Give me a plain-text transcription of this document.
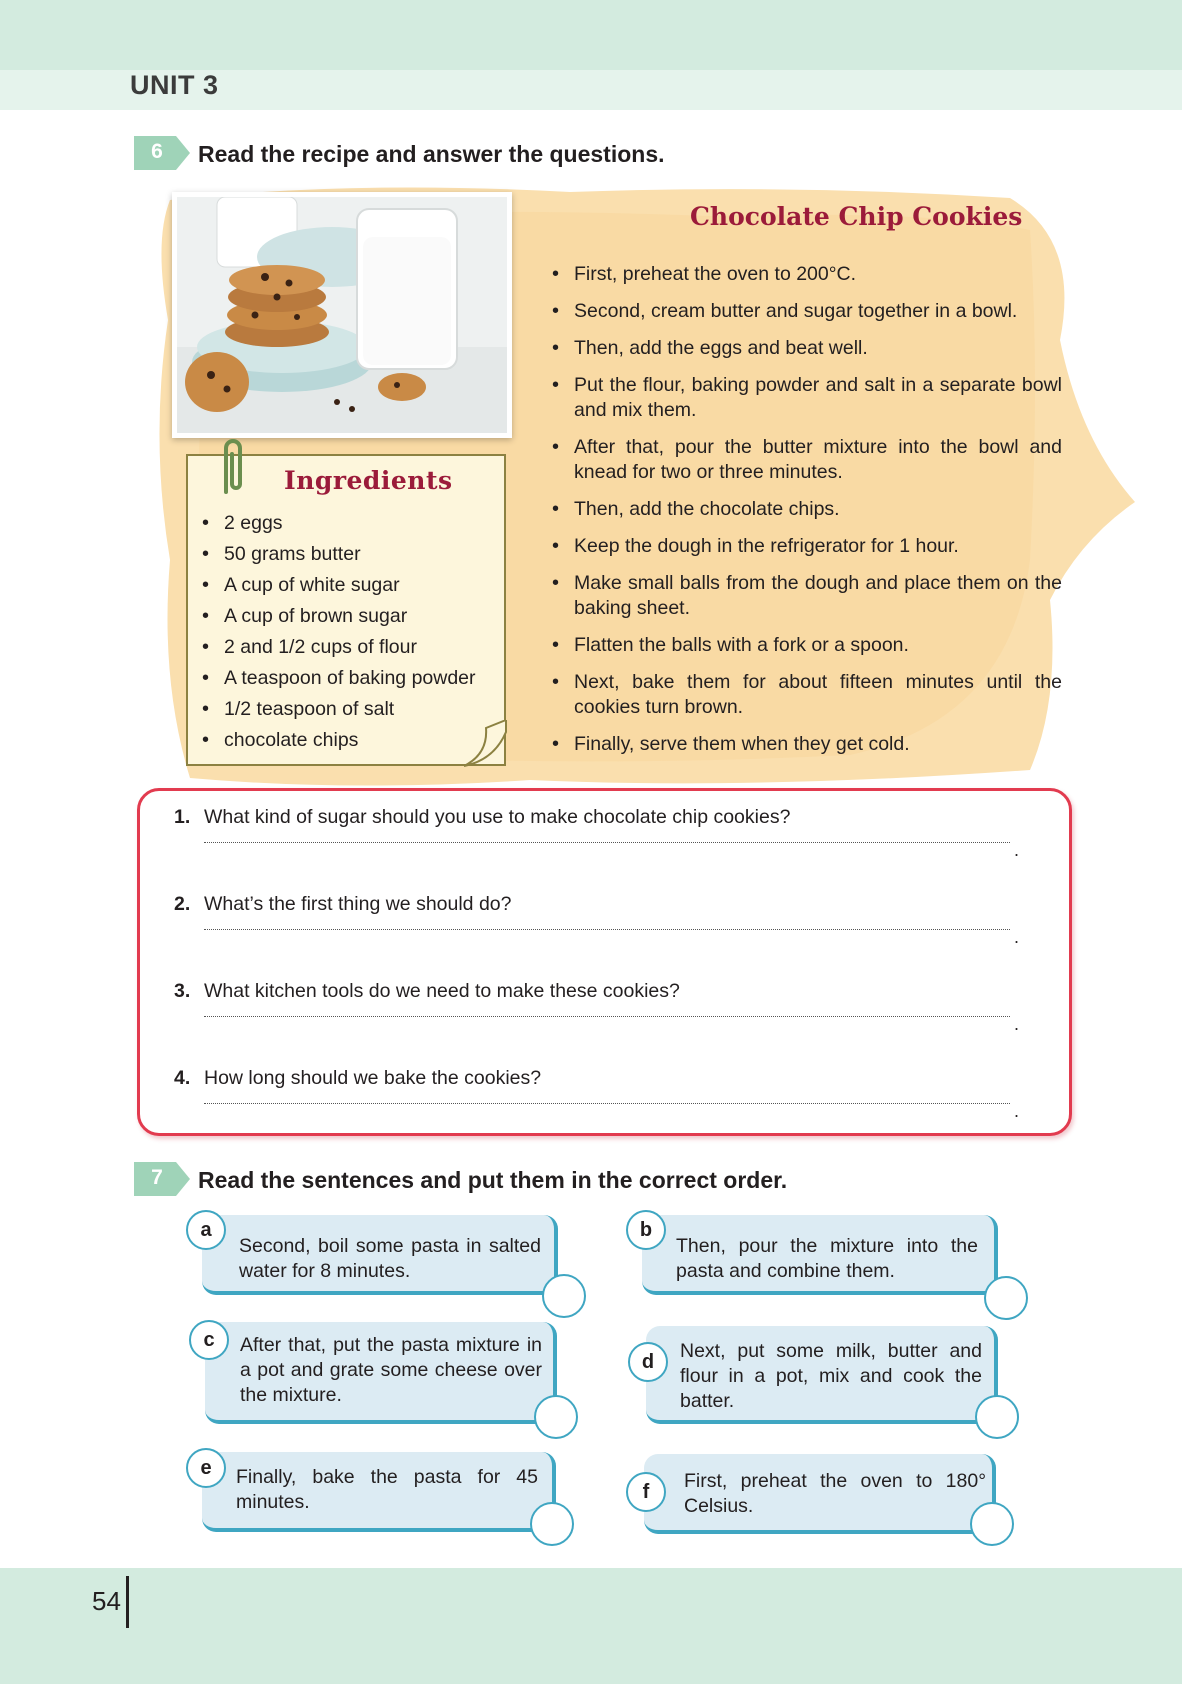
UNIT 3
6	Read the recipe and answer the questions.
Ingredients
• 2 eggs
• 50 grams butter
• A cup of white sugar
• A cup of brown sugar
• 2 and 1/2 cups of flour
• A teaspoon of baking powder
• 1/2 teaspoon of salt
• chocolate chips
Chocolate Chip Cookies
• First, preheat the oven to 200°C.
• Second, cream butter and sugar together in a bowl.
• Then, add the eggs and beat well.
• Put the flour, baking powder and salt in a separate bowl and mix them.
• After that, pour the butter mixture into the bowl and knead for two or three minutes.
• Then, add the chocolate chips.
• Keep the dough in the refrigerator for 1 hour.
• Make small balls from the dough and place them on the baking sheet.
• Flatten the balls with a fork or a spoon.
• Next, bake them for about fifteen minutes until the cookies turn brown.
• Finally, serve them when they get cold.
1. What kind of sugar should you use to make chocolate chip cookies?
.
2. What’s the first thing we should do?
.
3. What kitchen tools do we need to make these cookies?
.
4. How long should we bake the cookies?
.
7	Read the sentences and put them in the correct order.
Second, boil some pasta in salted water for 8 minutes.
a
Then, pour the mixture into the pasta and combine them.
b
After that, put the pasta mixture in a pot and grate some cheese over the mixture.
c	Next, put some milk, butter and flour in a pot, mix and cook the batter.
d
Finally, bake the pasta for 45 minutes.
e
First, preheat the oven to 180° Celsius.
f
54
